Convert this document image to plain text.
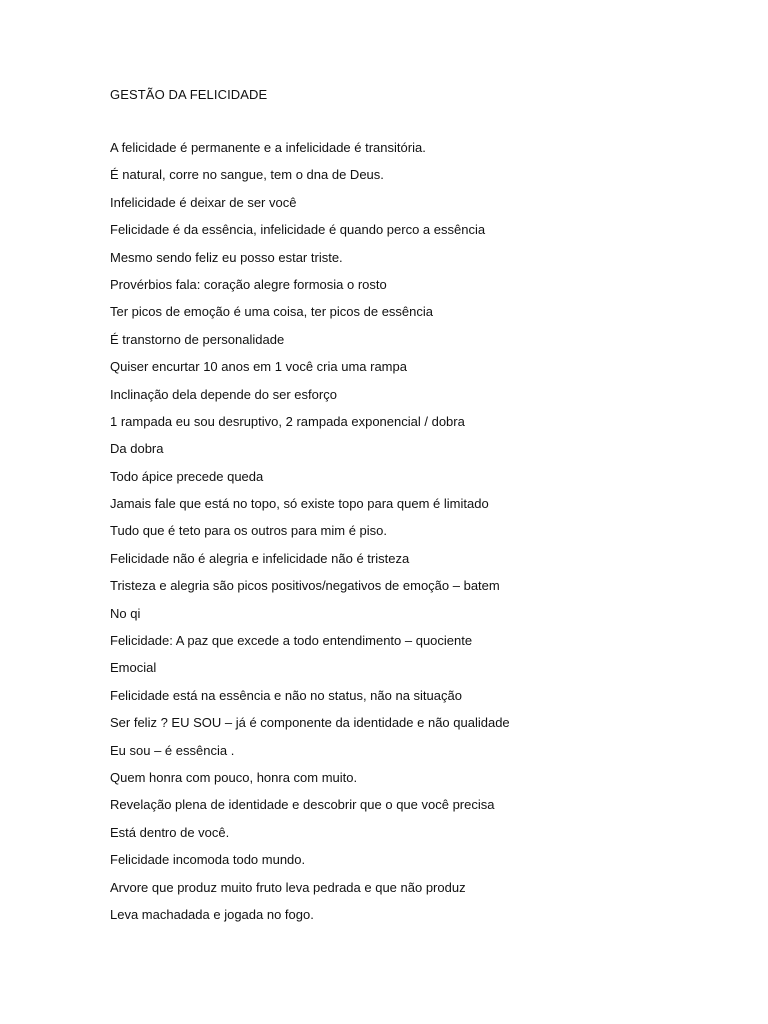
GESTÃO DA FELICIDADE
A felicidade é permanente e a infelicidade é transitória.
É natural, corre no sangue, tem o dna de Deus.
Infelicidade é deixar de ser você
Felicidade é da essência, infelicidade é quando perco a essência
Mesmo sendo feliz eu posso estar triste.
Provérbios fala: coração alegre formosia o rosto
Ter picos de emoção é uma coisa, ter picos de essência
É transtorno de personalidade
Quiser encurtar 10 anos em 1 você cria uma rampa
Inclinação dela depende do ser esforço
1 rampada eu sou desruptivo, 2 rampada exponencial / dobra
Da dobra
Todo ápice precede queda
Jamais fale que está no topo, só existe topo para quem é limitado
Tudo que é teto para os outros para mim é piso.
Felicidade não é alegria e infelicidade não é tristeza
Tristeza e alegria são picos positivos/negativos de emoção – batem
No qi
Felicidade: A paz que excede a todo entendimento – quociente
Emocial
Felicidade está na essência e não no status, não na situação
Ser feliz ? EU SOU – já é componente da identidade e não qualidade
Eu sou – é essência .
Quem honra com pouco, honra com muito.
Revelação plena de identidade e descobrir que o que você precisa
Está dentro de você.
Felicidade incomoda todo mundo.
Arvore que produz muito fruto leva pedrada e que não produz
Leva machadada e jogada no fogo.
